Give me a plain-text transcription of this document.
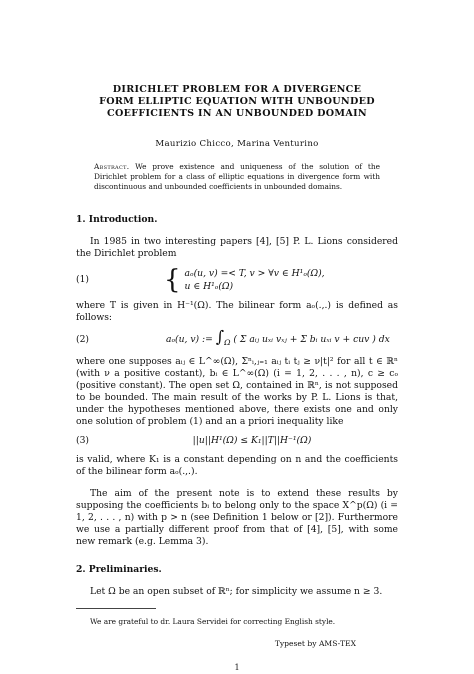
DIRICHLET PROBLEM FOR A DIVERGENCE
FORM ELLIPTIC EQUATION WITH UNBOUNDED
COEFFICIENTS IN AN UNBOUNDED DOMAIN
Maurizio Chicco, Marina Venturino
Abstract. We prove existence and uniqueness of the solution of the Dirichlet problem for a class of elliptic equations in divergence form with discontinuous and unbounded coefficients in unbounded domains.
1. Introduction.

In 1985 in two interesting papers [4], [5] P. L. Lions considered the Dirichlet problem

(1)	{ aₒ(u, v) =< T, v > ∀v ∈ H¹ₒ(Ω),
u ∈ H¹ₒ(Ω)

where T is given in H⁻¹(Ω). The bilinear form aₒ(.,.) is defined as follows:

(2)	aₒ(u, v) := $\int_\Omega$ ( Σ aᵢⱼ uₓᵢ vₓⱼ + Σ bᵢ uₓᵢ v + cuv ) dx

where one supposes aᵢⱼ ∈ L^∞(Ω), Σⁿᵢ,ⱼ₌₁ aᵢⱼ tᵢ tⱼ ≥ ν|t|² for all t ∈ ℝⁿ (with ν a positive costant), bᵢ ∈ L^∞(Ω) (i = 1, 2, . . . , n), c ≥ cₒ (positive constant). The open set Ω, contained in ℝⁿ, is not supposed to be bounded. The main result of the works by P. L. Lions is that, under the hypotheses mentioned above, there exists one and only one solution of problem (1) and an a priori inequality like

(3)	||u||H¹(Ω) ≤ K₁||T||H⁻¹(Ω)

is valid, where K₁ is a constant depending on n and the coefficients of the bilinear form aₒ(.,.).

The aim of the present note is to extend these results by supposing the coefficients bᵢ to belong only to the space X^p(Ω) (i = 1, 2, . . . , n) with p > n (see Definition 1 below or [2]). Furthermore we use a partially different proof from that of [4], [5], with some new remark (e.g. Lemma 3).

2. Preliminaries.

Let Ω be an open subset of ℝⁿ; for simplicity we assume n ≥ 3.

We are grateful to dr. Laura Servidei for correcting English style.
Typeset by AMS-TEX
1
